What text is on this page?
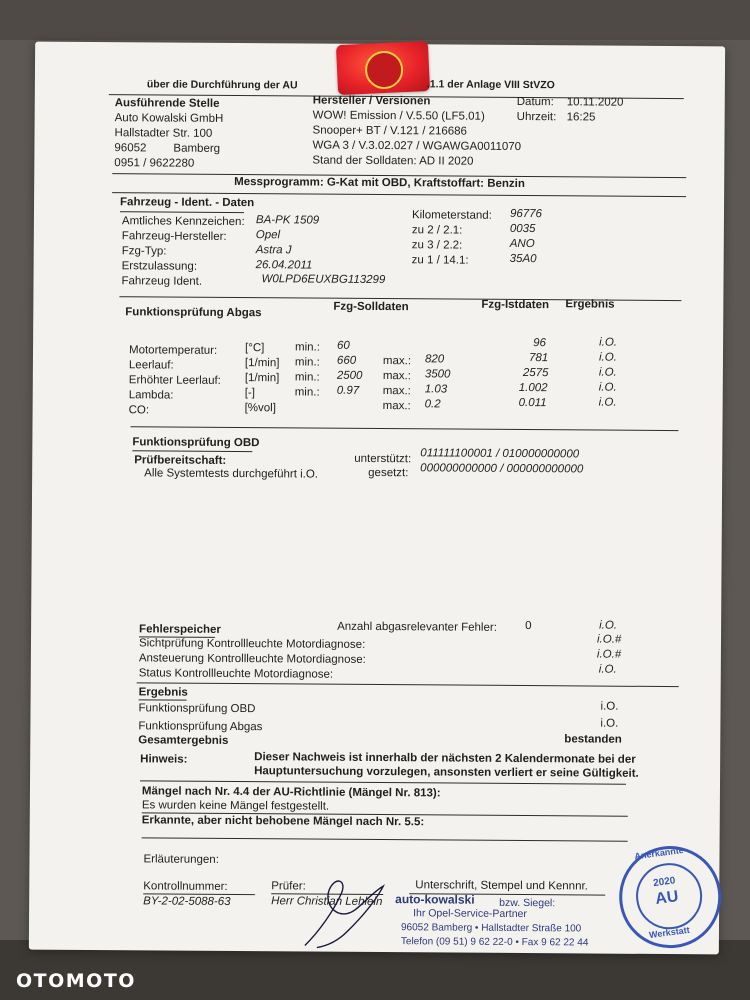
über die Durchführung der AU	.1.1 der Anlage VIII StVZO
Ausführende Stelle
Auto Kowalski GmbH
Hallstadter Str. 100
96052 Bamberg
0951 / 9622280
Hersteller / Versionen
WOW! Emission / V.5.50 (LF5.01)
Snooper+ BT / V.121 / 216686
WGA 3 / V.3.02.027 / WGAWGA0011070
Stand der Solldaten: AD II 2020
Datum: 10.11.2020
Uhrzeit: 16:25
Messprogramm: G-Kat mit OBD, Kraftstoffart: Benzin
Fahrzeug - Ident. - Daten
Amtliches Kennzeichen: BA-PK 1509
Fahrzeug-Hersteller:	Opel
Fzg-Typ:	Astra J
Erstzulassung:	26.04.2011
Fahrzeug Ident.	W0LPD6EUXBG113299
Kilometerstand: 96776
zu 2 / 2.1:	0035
zu 3 / 2.2:	ANO
zu 1 / 14.1:	35A0
Funktionsprüfung Abgas	Fzg-Solldaten	Fzg-Istdaten Ergebnis
Motortemperatur: [°C]	min.: 60	96	i.O.
Leerlauf:	[1/min] min.: 660 max.: 820	781	i.O.
Erhöhter Leerlauf: [1/min] min.: 2500 max.: 3500	2575	i.O.
Lambda:	[-]	min.: 0.97 max.: 1.03	1.002	i.O.
CO:	[%vol]	max.: 0.2	0.011	i.O.
Funktionsprüfung OBD
Prüfbereitschaft:
Alle Systemtests durchgeführt i.O.
unterstützt: 011111100001 / 010000000000
gesetzt: 000000000000 / 000000000000
Fehlerspeicher	Anzahl abgasrelevanter Fehler: 0	i.O.
Sichtprüfung Kontrollleuchte Motordiagnose:	i.O.#
Ansteuerung Kontrollleuchte Motordiagnose:	i.O.#
Status Kontrollleuchte Motordiagnose:	i.O.
Ergebnis
Funktionsprüfung OBD	i.O.
Funktionsprüfung Abgas	i.O.
Gesamtergebnis	bestanden
Hinweis:	Dieser Nachweis ist innerhalb der nächsten 2 Kalendermonate bei der
Hauptuntersuchung vorzulegen, ansonsten verliert er seine Gültigkeit.
Mängel nach Nr. 4.4 der AU-Richtlinie (Mängel Nr. 813):
Es wurden keine Mängel festgestellt.
Erkannte, aber nicht behobene Mängel nach Nr. 5.5:
Erläuterungen:
Kontrollnummer:
BY-2-02-5088-63
Prüfer:
Herr Christian Lehlein
Unterschrift, Stempel und Kennnr.
auto-kowalski bzw. Siegel:
Ihr Opel-Service-Partner
96052 Bamberg • Hallstadter Straße 100
Telefon (09 51) 9 62 22-0 • Fax 9 62 22 44
Anerkannte
2020
AU
Werkstatt
OTOMOTO
